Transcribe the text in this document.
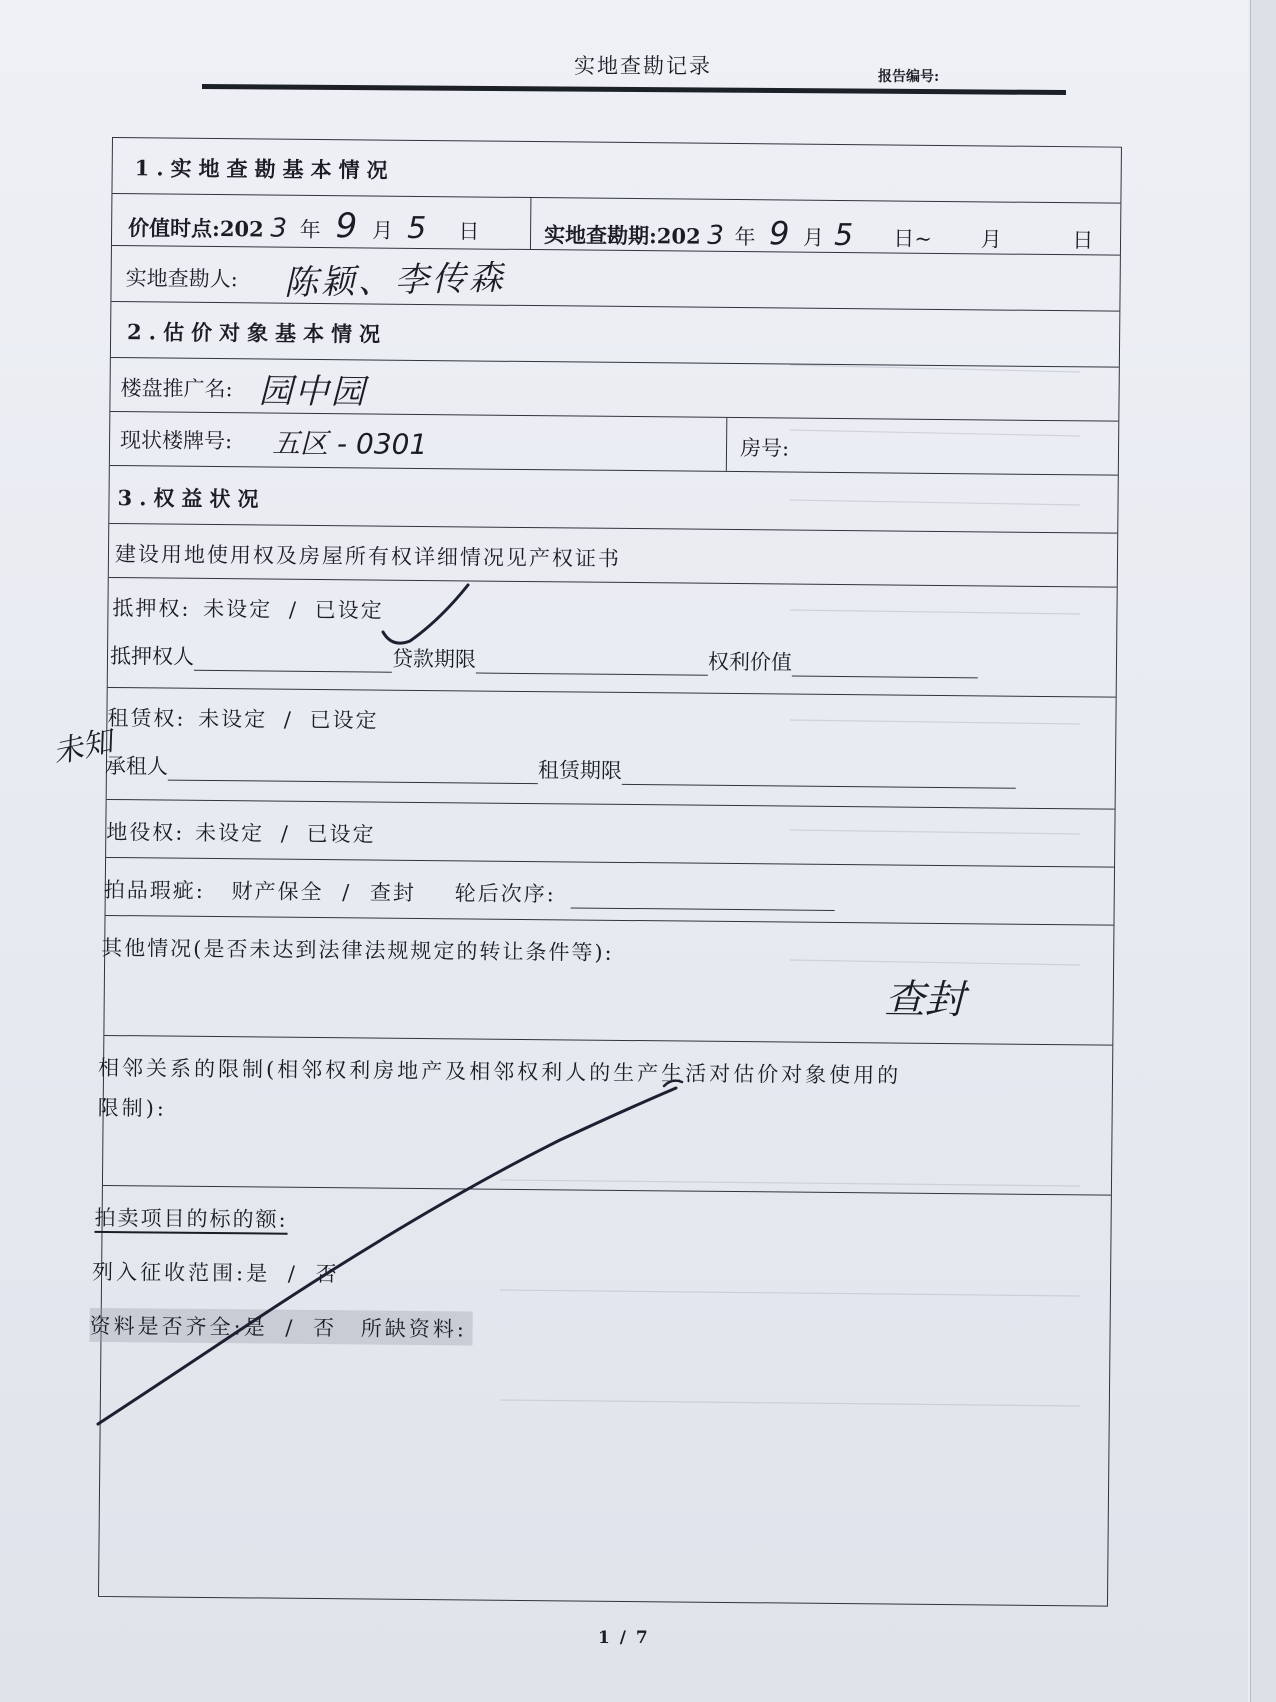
实地查勘记录	报告编号:
1.实地查勘基本情况
价值时点:202 3 年 9 月 5 日	实地查勘期:202 3 年 9 月 5 日~ 月	日
实地查勘人: 陈颖、李传森
2.估价对象基本情况
楼盘推广名: 园中园
现状楼牌号: 五区 - 0301	房号:
3.权益状况
建设用地使用权及房屋所有权详细情况见产权证书
抵押权: 未设定 / 已设定
抵押权人	贷款期限	权利价值
租赁权: 未设定 / 已设定
承租人	租赁期限
地役权: 未设定 / 已设定
拍品瑕疵: 财产保全 / 查封 轮后次序:
其他情况(是否未达到法律法规规定的转让条件等):
查封
相邻关系的限制(相邻权利房地产及相邻权利人的生产生活对估价对象使用的
限制):
拍卖项目的标的额:
列入征收范围:是 / 否
资料是否齐全:是 / 否 所缺资料:
未知
1 / 7
